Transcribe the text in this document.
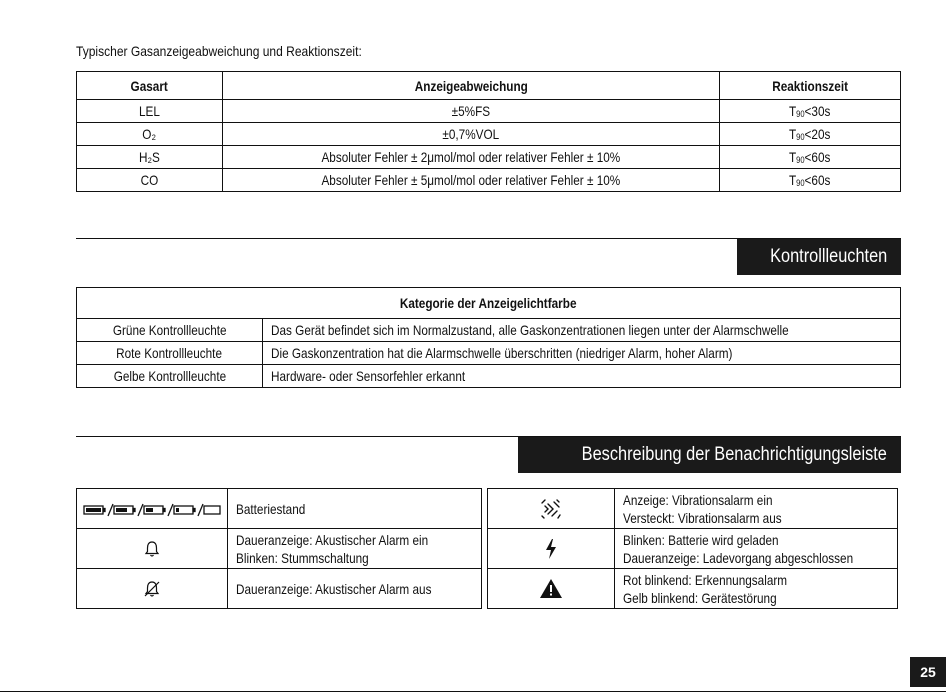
Typischer Gasanzeigeabweichung und Reaktionszeit:
Gasart	Anzeigeabweichung	Reaktionszeit
LEL	±5%FS	$T_{90}<30s$
O₂	±0,7%VOL	$T_{90}<20s$
H₂S	Absoluter Fehler ± 2μmol/mol oder relativer Fehler ± 10%	$T_{90}<60s$
CO	Absoluter Fehler ± 5μmol/mol oder relativer Fehler ± 10%	$T_{90}<60s$
Kontrollleuchten
Kategorie der Anzeigelichtfarbe	
Grüne Kontrollleuchte	Das Gerät befindet sich im Normalzustand, alle Gaskonzentrationen liegen unter der Alarmschwelle
Rote Kontrollleuchte	Die Gaskonzentration hat die Alarmschwelle überschritten (niedriger Alarm, hoher Alarm)
Gelbe Kontrollleuchte	Hardware- oder Sensorfehler erkannt
Beschreibung der Benachrichtigungsleiste
	Batteriestand

Daueranzeige: Akustischer Alarm ein
Blinken: Stummschaltung

	Daueranzeige: Akustischer Alarm aus

Anzeige: Vibrationsalarm ein
Versteckt: Vibrationsalarm aus

Blinken: Batterie wird geladen
Daueranzeige: Ladevorgang abgeschlossen

Rot blinkend: Erkennungsalarm
Gelb blinkend: Gerätestörung
25
